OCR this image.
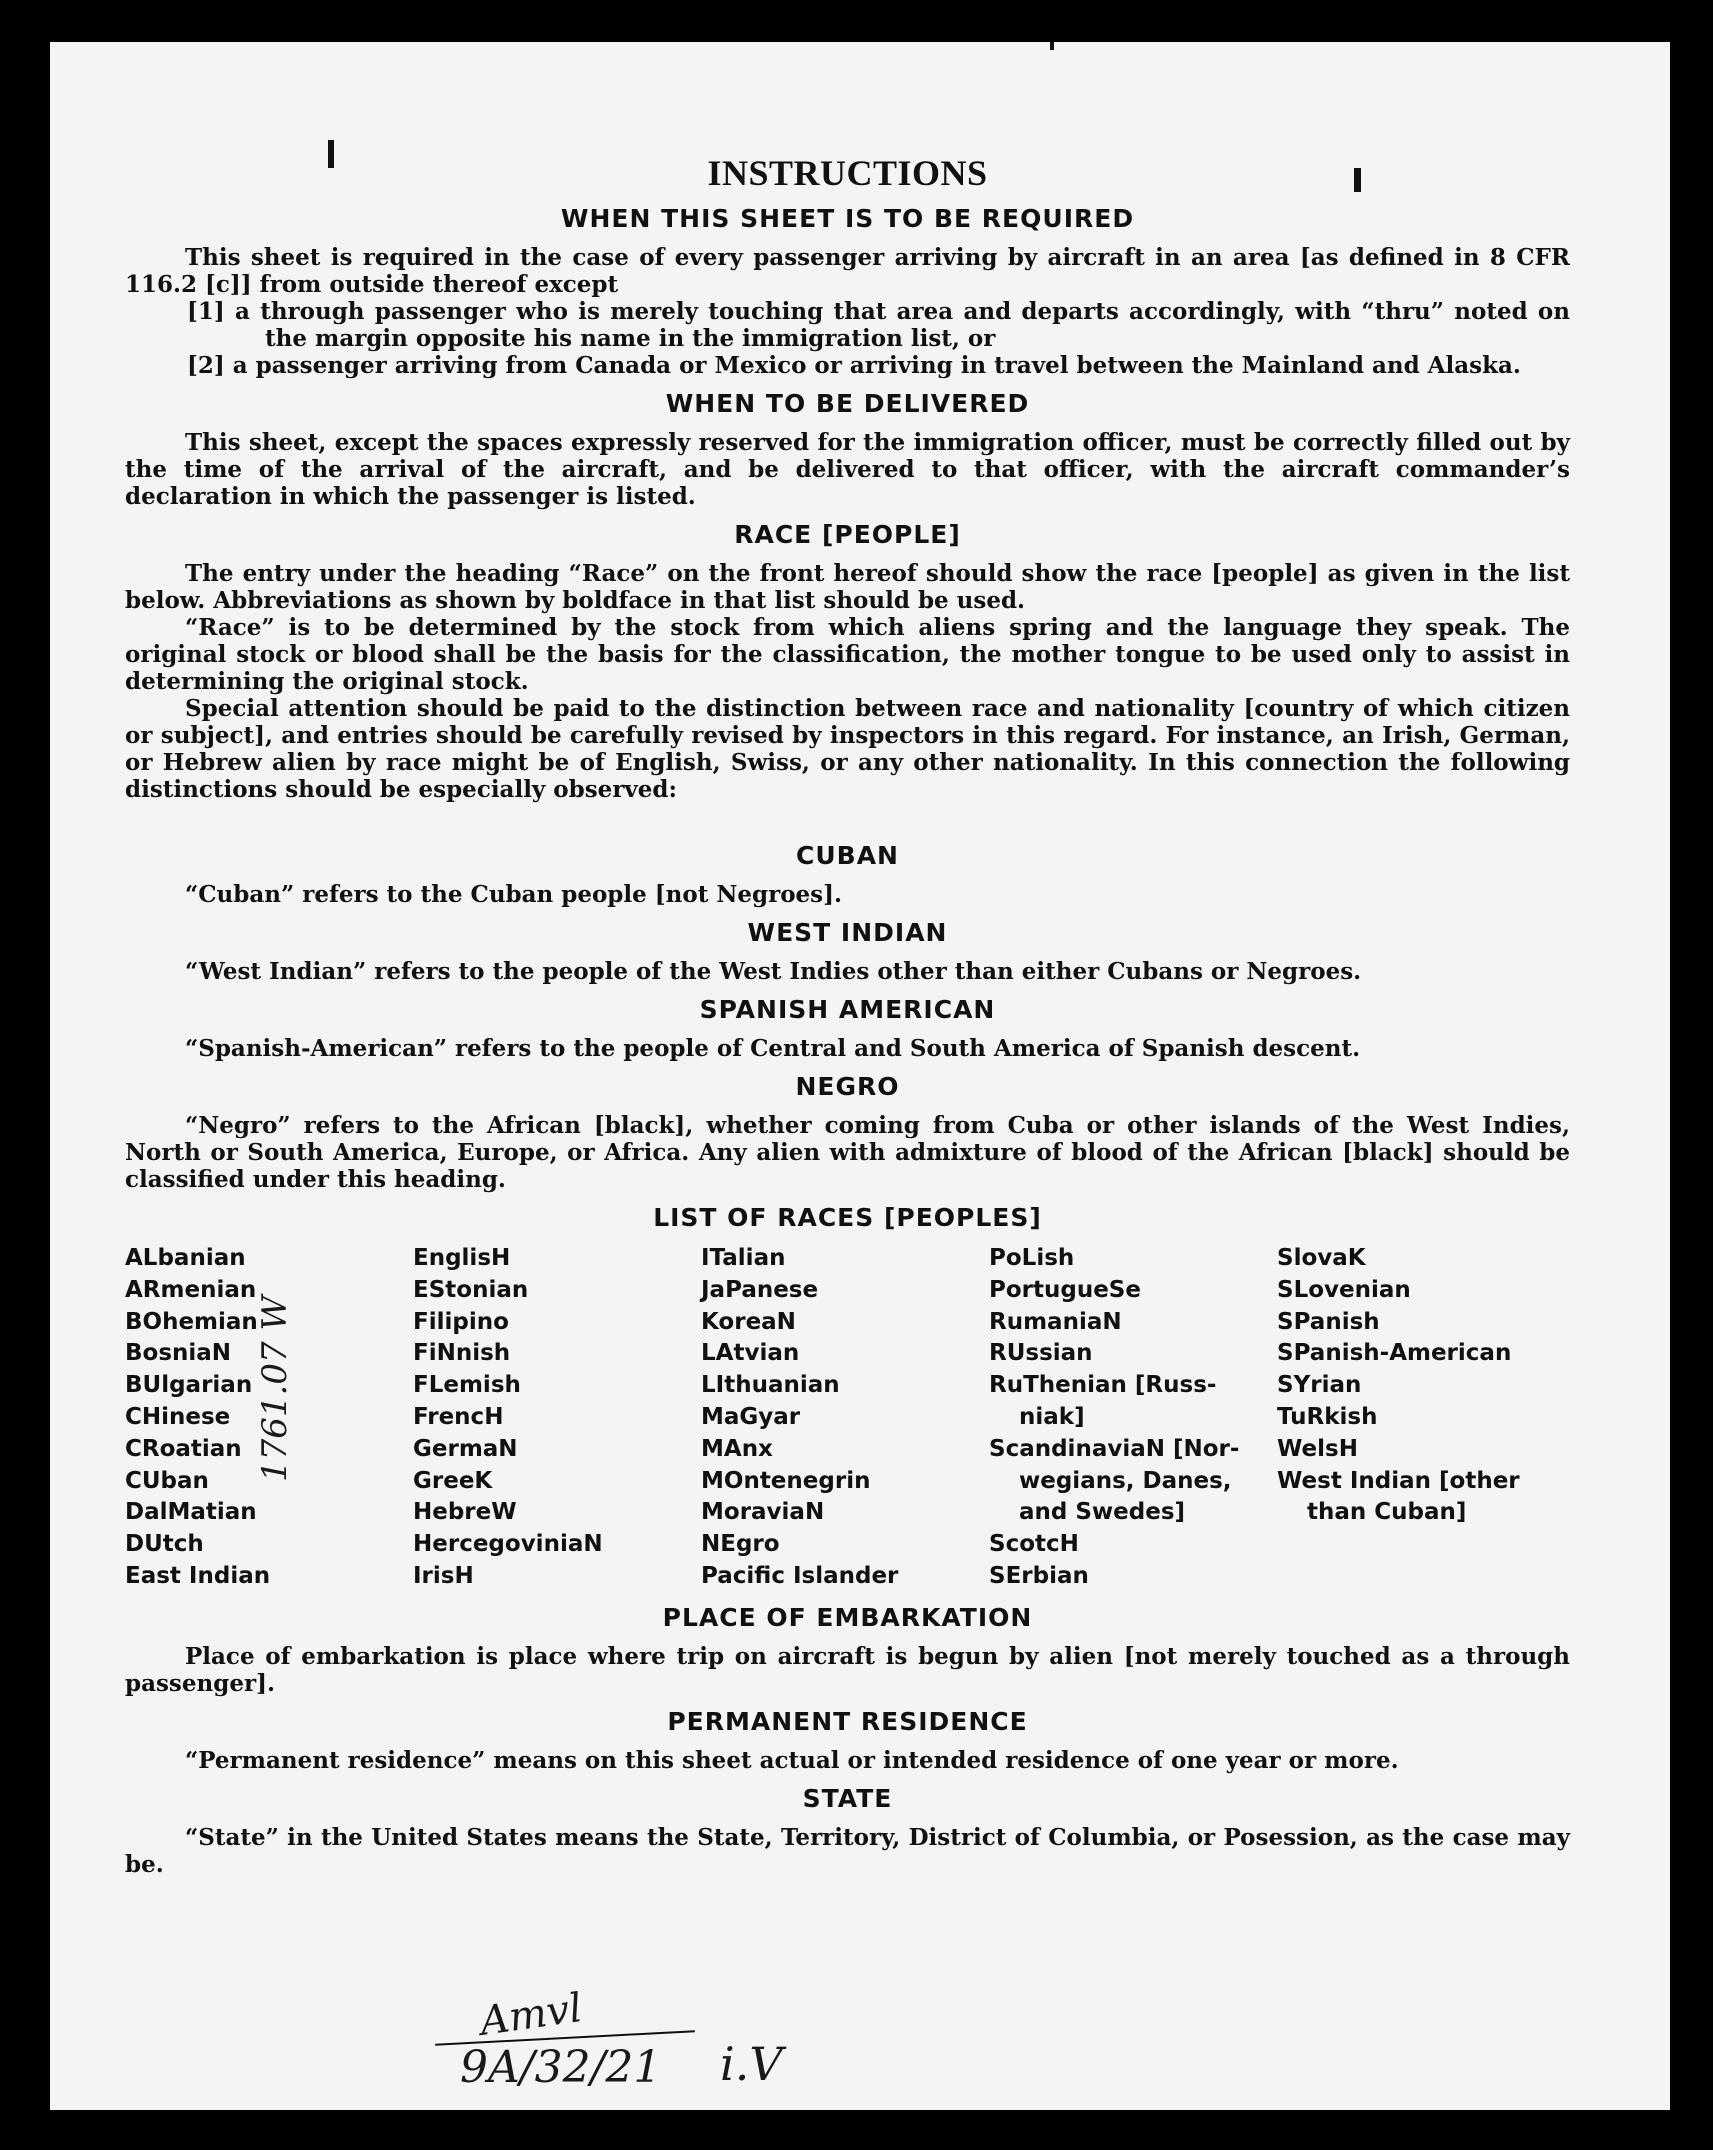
INSTRUCTIONS
WHEN THIS SHEET IS TO BE REQUIRED

This sheet is required in the case of every passenger arriving by aircraft in an area [as defined in 8 CFR 116.2 [c]] from outside thereof except

[1] a through passenger who is merely touching that area and departs accordingly, with “thru” noted on the margin opposite his name in the immigration list, or

[2] a passenger arriving from Canada or Mexico or arriving in travel between the Mainland and Alaska.

WHEN TO BE DELIVERED

This sheet, except the spaces expressly reserved for the immigration officer, must be correctly filled out by the time of the arrival of the aircraft, and be delivered to that officer, with the aircraft commander’s declaration in which the passenger is listed.

RACE [PEOPLE]

The entry under the heading “Race” on the front hereof should show the race [people] as given in the list below. Abbreviations as shown by boldface in that list should be used.

“Race” is to be determined by the stock from which aliens spring and the language they speak. The original stock or blood shall be the basis for the classification, the mother tongue to be used only to assist in determining the original stock.

Special attention should be paid to the distinction between race and nationality [country of which citizen or subject], and entries should be carefully revised by inspectors in this regard. For instance, an Irish, German, or Hebrew alien by race might be of English, Swiss, or any other nationality. In this connection the following distinctions should be especially observed:

CUBAN

“Cuban” refers to the Cuban people [not Negroes].

WEST INDIAN

“West Indian” refers to the people of the West Indies other than either Cubans or Negroes.

SPANISH AMERICAN

“Spanish-American” refers to the people of Central and South America of Spanish descent.

NEGRO

“Negro” refers to the African [black], whether coming from Cuba or other islands of the West Indies, North or South America, Europe, or Africa. Any alien with admixture of blood of the African [black] should be classified under this heading.

LIST OF RACES [PEOPLES]
ALbanian
ARmenian
BOhemian
BosniaN
BUlgarian
CHinese
CRoatian
CUban
DalMatian
DUtch
East Indian
EnglisH
EStonian
Filipino
FiNnish
FLemish
FrencH
GermaN
GreeK
HebreW
HercegoviniaN
IrisH
ITalian
JaPanese
KoreaN
LAtvian
LIthuanian
MaGyar
MAnx
MOntenegrin
MoraviaN
NEgro
Pacific Islander
PoLish
PortugueSe
RumaniaN
RUssian
RuThenian [Russ-
niak]
ScandinaviaN [Nor-
wegians, Danes,
and Swedes]
ScotcH
SErbian
SlovaK
SLovenian
SPanish
SPanish-American
SYrian
TuRkish
WelsH
West Indian [other
than Cuban]
PLACE OF EMBARKATION

Place of embarkation is place where trip on aircraft is begun by alien [not merely touched as a through passenger].

PERMANENT RESIDENCE

“Permanent residence” means on this sheet actual or intended residence of one year or more.

STATE

“State” in the United States means the State, Territory, District of Columbia, or Posession, as the case may be.

1761.07 W
Amvl
9A/32/21 i.V
